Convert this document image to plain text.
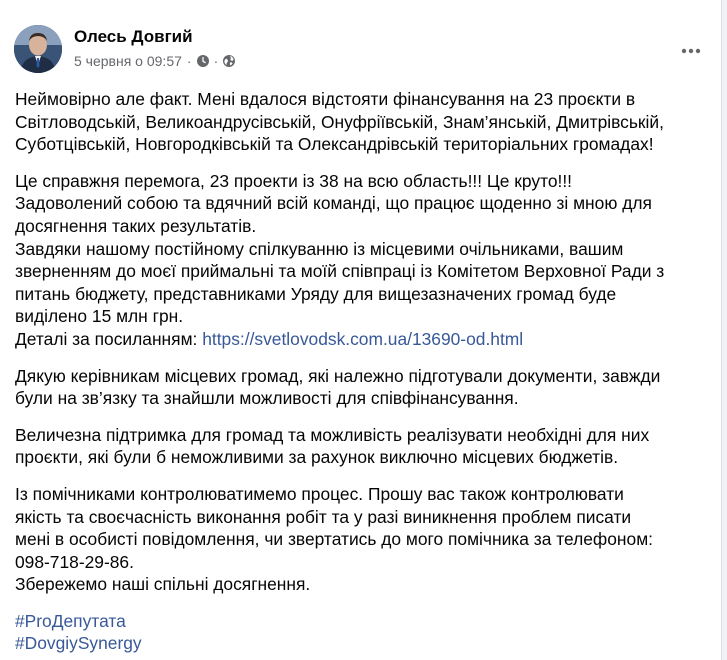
Олесь Довгий
5 червня о 09:57 · ·

Неймовірно але факт. Мені вдалося відстояти фінансування на 23 проєкти в
Світловодській, Великоандрусівській, Онуфріївській, Знам’янській, Дмитрівській,
Суботцівській, Новгородківській та Олександрівській територіальних громадах!

Це справжня перемога, 23 проекти із 38 на всю область!!! Це круто!!!
Задоволений собою та вдячний всій команді, що працює щоденно зі мною для
досягнення таких результатів.
Завдяки нашому постійному спілкуванню із місцевими очільниками, вашим
зверненням до моєї приймальні та моїй співпраці із Комітетом Верховної Ради з
питань бюджету, представниками Уряду для вищезазначених громад буде
виділено 15 млн грн.
Деталі за посиланням: https://svetlovodsk.com.ua/13690-od.html

Дякую керівникам місцевих громад, які належно підготували документи, завжди
були на зв’язку та знайшли можливості для співфінансування.

Величезна підтримка для громад та можливість реалізувати необхідні для них
проєкти, які були б неможливими за рахунок виключно місцевих бюджетів.

Із помічниками контролюватимемо процес. Прошу вас також контролювати
якість та своєчасність виконання робіт та у разі виникнення проблем писати
мені в особисті повідомлення, чи звертатись до мого помічника за телефоном:
098-718-29-86.
Збережемо наші спільні досягнення.

#ProДепутата
#DovgiySynergy
